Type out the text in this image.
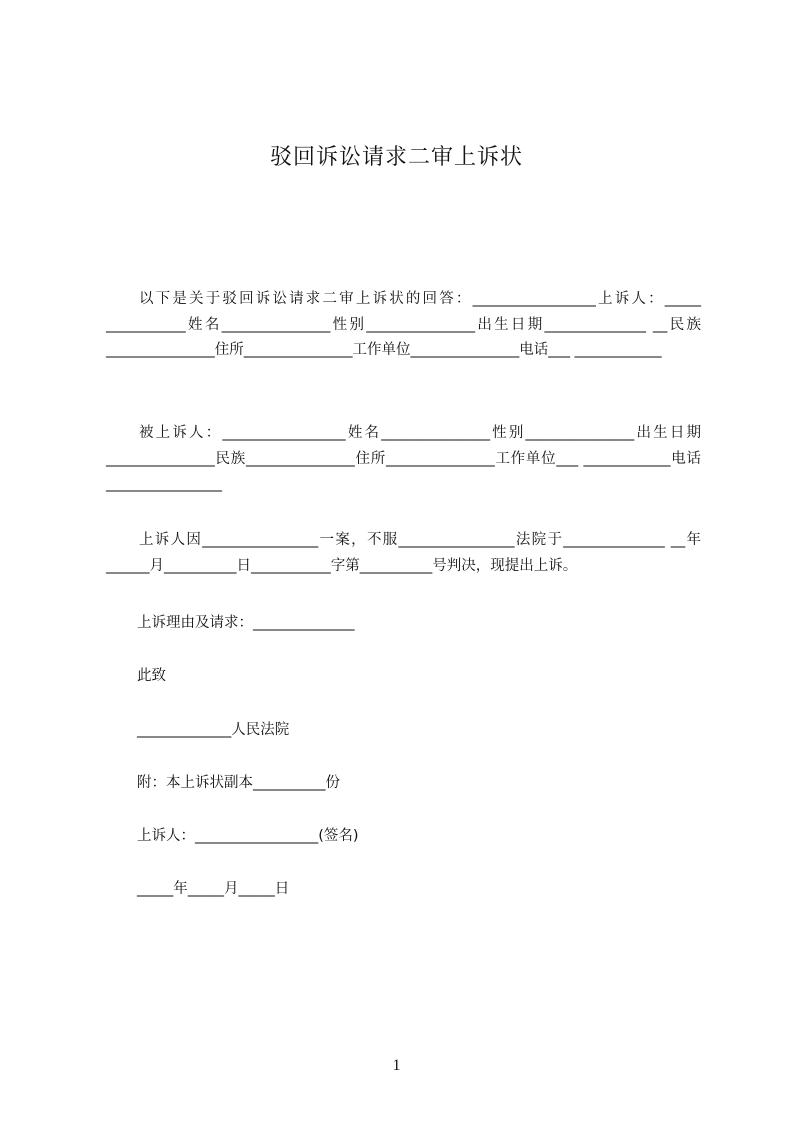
驳回诉讼请求二审上诉状

以下是关于驳回诉讼请求二审上诉状的回答：_________________上诉人：_____ ___________姓名_______________性别_______________出生日期______________ __民族_______________住所_______________工作单位_______________电话___ ____________

被上诉人：_________________姓名_______________性别_______________出生日期_______________民族_______________住所_______________工作单位___ ____________电话________________

上诉人因________________一案，不服________________法院于______________ __年______月__________日___________字第__________号判决，现提出上诉。

上诉理由及请求：______________

此致

_____________人民法院

附：本上诉状副本__________份

上诉人：_________________(签名)

_____年_____月_____日

1
